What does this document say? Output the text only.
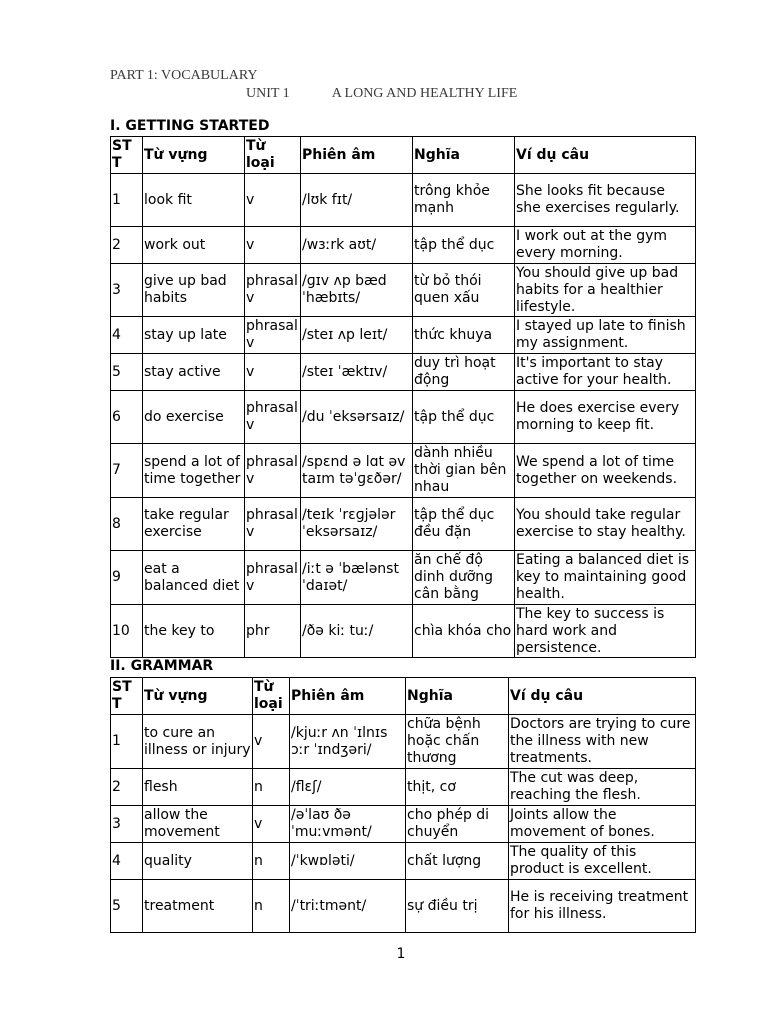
PART 1: VOCABULARY
UNIT 1	A LONG AND HEALTHY LIFE
I. GETTING STARTED
ST T	Từ vựng	Từ loại	Phiên âm	Nghĩa	Ví dụ câu
1	look fit	v	/lʊk fɪt/	trông khỏe mạnh	She looks fit because she exercises regularly.
2	work out	v	/wɜːrk aʊt/	tập thể dục	I work out at the gym every morning.
3	give up bad habits	phrasal v	/ɡɪv ʌp bæd ˈhæbɪts/	từ bỏ thói quen xấu	You should give up bad habits for a healthier lifestyle.
4	stay up late	phrasal v	/steɪ ʌp leɪt/	thức khuya	I stayed up late to finish my assignment.
5	stay active	v	/steɪ ˈæktɪv/	duy trì hoạt động	It's important to stay active for your health.
6	do exercise	phrasal v	/du ˈeksərsaɪz/	tập thể dục	He does exercise every morning to keep fit.
7	spend a lot of time together	phrasal v	/spɛnd ə lɑt əv taɪm təˈɡɛðər/	dành nhiều thời gian bên nhau	We spend a lot of time together on weekends.
8	take regular exercise	phrasal v	/teɪk ˈrɛɡjələr ˈeksərsaɪz/	tập thể dục đều đặn	You should take regular exercise to stay healthy.
9	eat a balanced diet	phrasal v	/iːt ə ˈbælənst ˈdaɪət/	ăn chế độ dinh dưỡng cân bằng	Eating a balanced diet is key to maintaining good health.
10	the key to	phr	/ðə kiː tuː/	chìa khóa cho	The key to success is hard work and persistence.
II. GRAMMAR
ST T	Từ vựng	Từ loại	Phiên âm	Nghĩa	Ví dụ câu
1	to cure an illness or injury	v	/kjuːr ʌn ˈɪlnɪs ɔːr ˈɪndʒəri/	chữa bệnh hoặc chấn thương	Doctors are trying to cure the illness with new treatments.
2	flesh	n	/flɛʃ/	thịt, cơ	The cut was deep, reaching the flesh.
3	allow the movement	v	/əˈlaʊ ðə ˈmuːvmənt/	cho phép di chuyển	Joints allow the movement of bones.
4	quality	n	/ˈkwɒləti/	chất lượng	The quality of this product is excellent.
5	treatment	n	/ˈtriːtmənt/	sự điều trị	He is receiving treatment for his illness.
1
